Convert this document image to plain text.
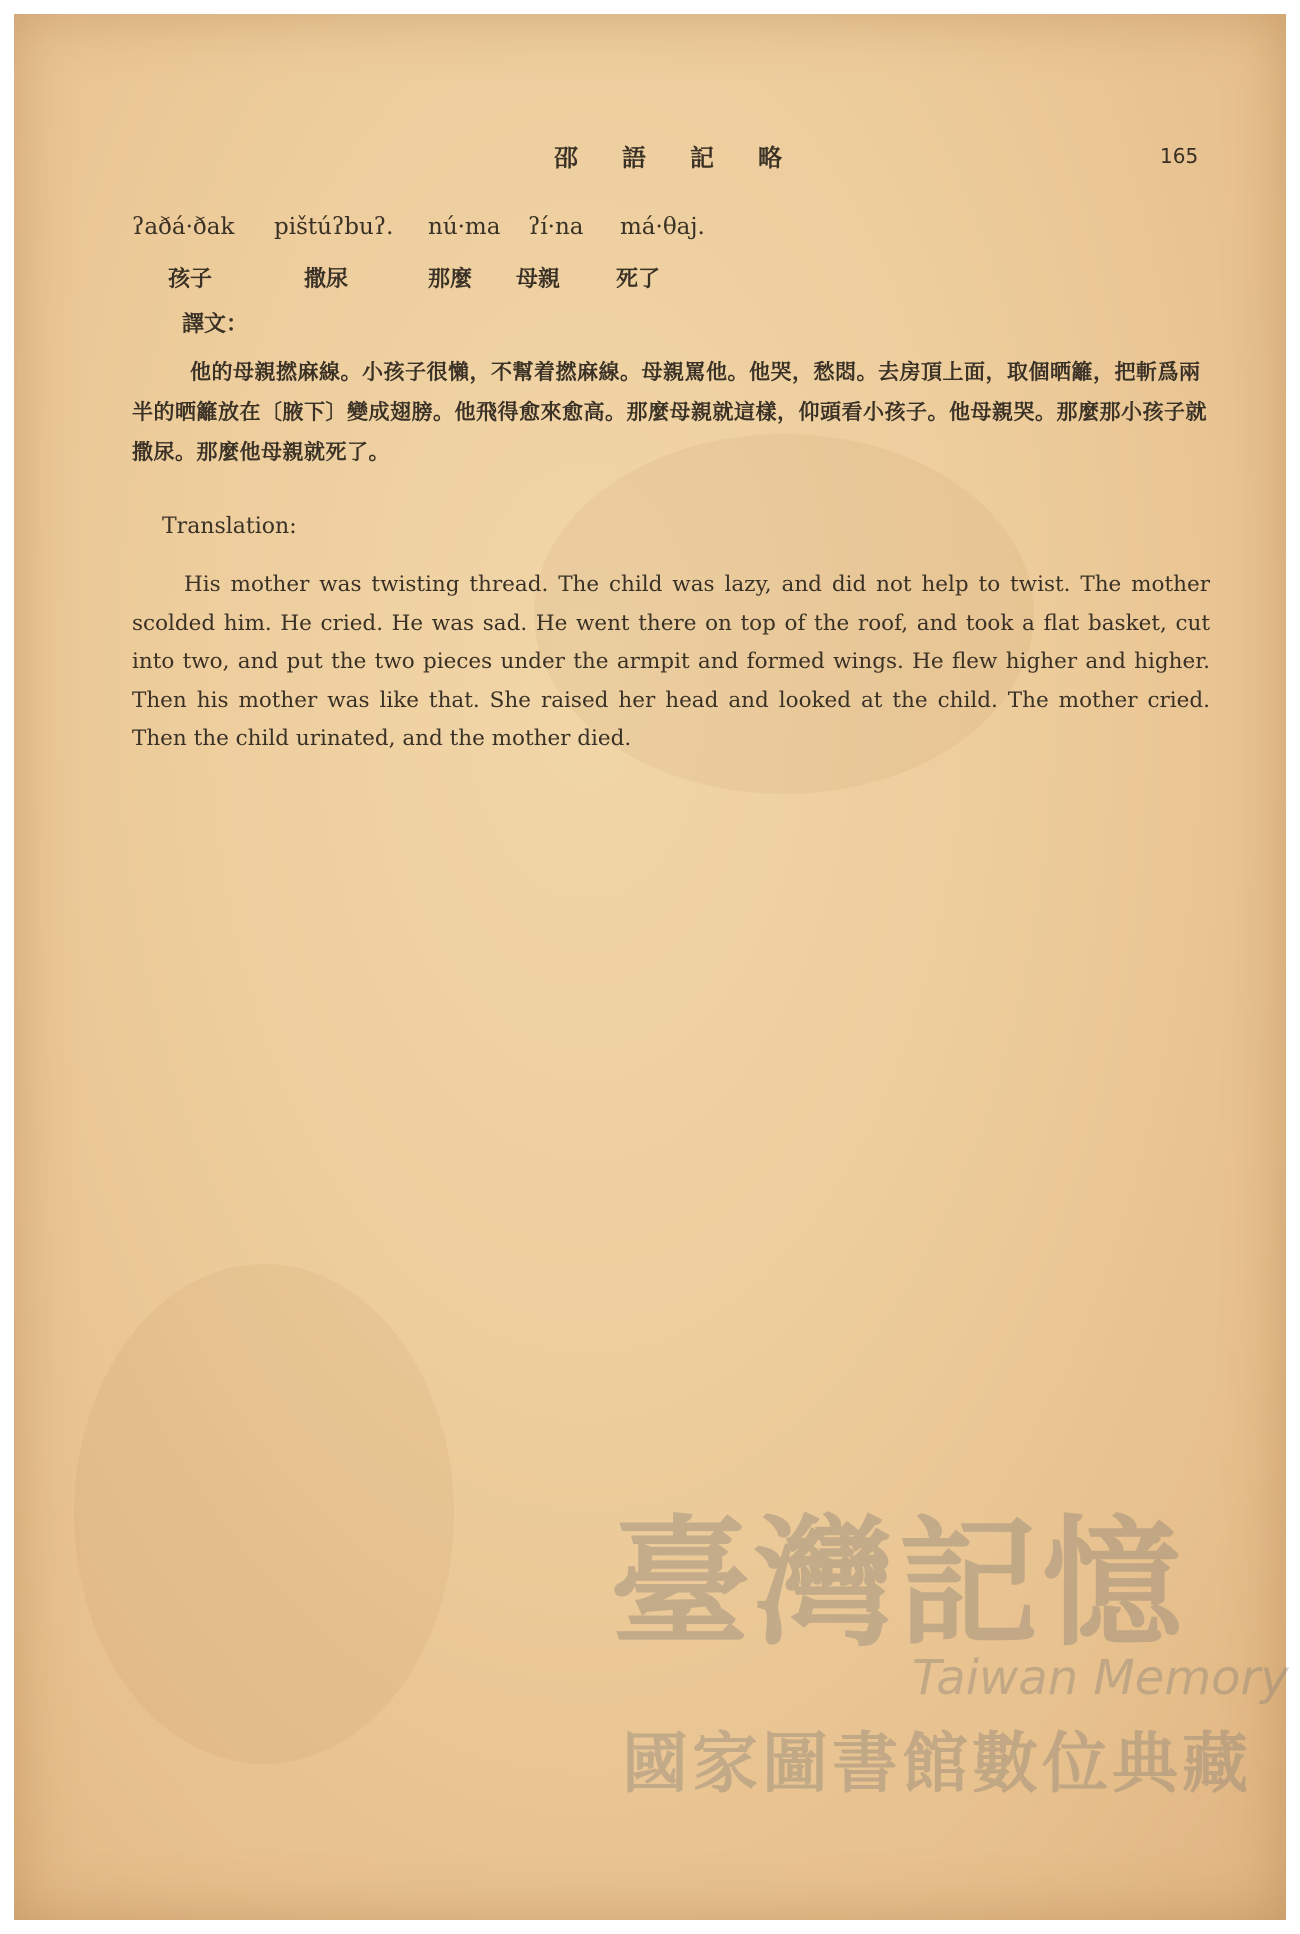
邵語記略	165
ʔaðá·ðak pištúʔbuʔ. nú·ma ʔí·na má·θaj.
孩子	撒尿	那麼 母親	死了
譯文：
他的母親撚麻線。小孩子很懶，不幫着撚麻線。母親罵他。他哭，愁悶。去房頂上面，取個晒籬，把斬爲兩半的晒籬放在〔腋下〕變成翅膀。他飛得愈來愈高。那麼母親就這樣，仰頭看小孩子。他母親哭。那麼那小孩子就撒尿。那麼他母親就死了。
Translation:
His mother was twisting thread. The child was lazy, and did not help to twist. The mother scolded him. He cried. He was sad. He went there on top of the roof, and took a flat basket, cut into two, and put the two pieces under the armpit and formed wings. He flew higher and higher. Then his mother was like that. She raised her head and looked at the child. The mother cried. Then the child urinated, and the mother died.
臺灣記憶
Taiwan Memory
國家圖書館數位典藏
